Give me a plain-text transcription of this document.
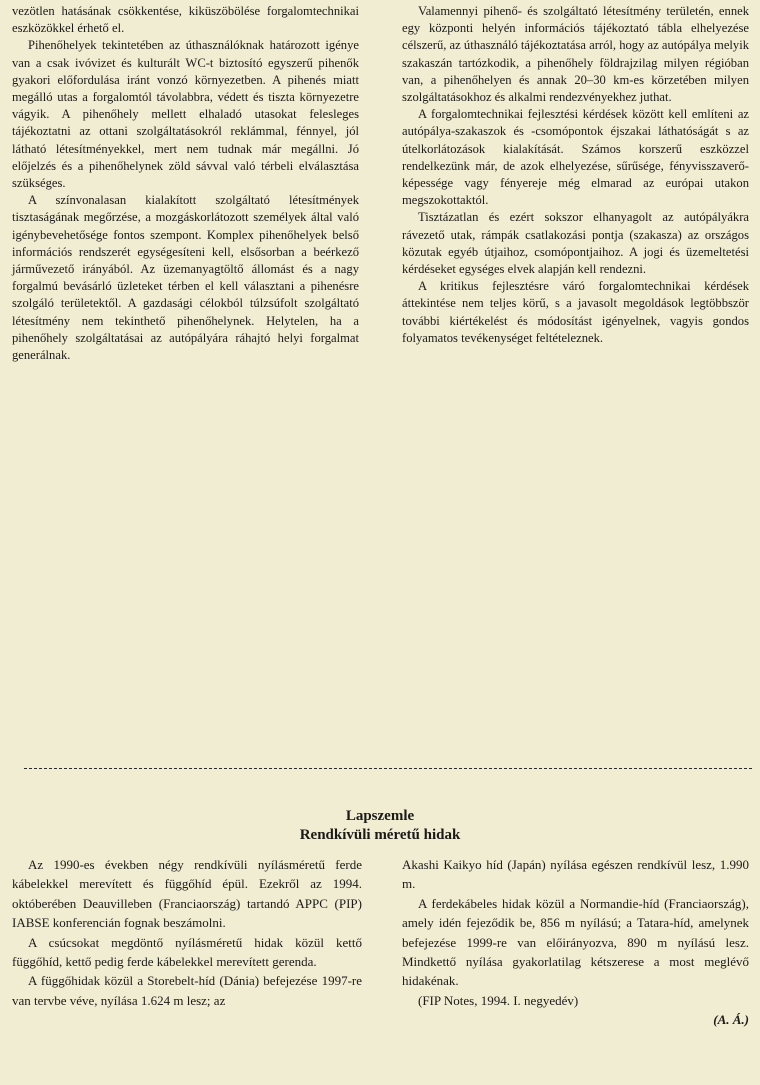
vezötlen hatásának csökkentése, kiküszöbölése forgalomtechnikai eszközökkel érhető el.

Pihenőhelyek tekintetében az úthasználóknak határozott igénye van a csak ivóvizet és kulturált WC-t biztosító egyszerű pihenők gyakori előfordulása iránt vonzó környezetben. A pihenés miatt megálló utas a forgalomtól távolabbra, védett és tiszta környezetre vágyik. A pihenőhely mellett elhaladó utasokat felesleges tájékoztatni az ottani szolgáltatásokról reklámmal, fénnyel, jól látható létesítményekkel, mert nem tudnak már megállni. Jó előjelzés és a pihenőhelynek zöld sávval való térbeli elválasztása szükséges.

A színvonalasan kialakított szolgáltató létesítmények tisztaságának megőrzése, a mozgáskorlátozott személyek által való igénybevehetősége fontos szempont. Komplex pihenőhelyek belső információs rendszerét egységesíteni kell, elsősorban a beérkező járművezető irányából. Az üzemanyagtöltő állomást és a nagy forgalmú bevásárló üzleteket térben el kell választani a pihenésre szolgáló területektől. A gazdasági célokból túlzsúfolt szolgáltató létesítmény nem tekinthető pihenőhelynek. Helytelen, ha a pihenőhely szolgáltatásai az autópályára ráhajtó helyi forgalmat generálnak.

Valamennyi pihenő- és szolgáltató létesítmény területén, ennek egy központi helyén információs tájékoztató tábla elhelyezése célszerű, az úthasználó tájékoztatása arról, hogy az autópálya melyik szakaszán tartózkodik, a pihenőhely földrajzilag milyen régióban van, a pihenőhelyen és annak 20–30 km-es körzetében milyen szolgáltatásokhoz és alkalmi rendezvényekhez juthat.

A forgalomtechnikai fejlesztési kérdések között kell említeni az autópálya-szakaszok és -csomópontok éjszakai láthatóságát s az útelkorlátozások kialakítását. Számos korszerű eszközzel rendelkezünk már, de azok elhelyezése, sűrűsége, fényvisszaverő-képessége vagy fényereje még elmarad az európai utakon megszokottaktól.

Tisztázatlan és ezért sokszor elhanyagolt az autópályákra rávezető utak, rámpák csatlakozási pontja (szakasza) az országos közutak egyéb útjaihoz, csomópontjaihoz. A jogi és üzemeltetési kérdéseket egységes elvek alapján kell rendezni.

A kritikus fejlesztésre váró forgalomtechnikai kérdések áttekintése nem teljes körű, s a javasolt megoldások legtöbbször további kiértékelést és módosítást igényelnek, vagyis gondos folyamatos tevékenységet feltételeznek.

Lapszemle
Rendkívüli méretű hidak

Az 1990-es években négy rendkívüli nyílásméretű ferde kábelekkel merevített és függőhíd épül. Ezekről az 1994. októberében Deauvilleben (Franciaország) tartandó APPC (PIP) IABSE konferencián fognak beszámolni.

A csúcsokat megdöntő nyílásméretű hidak közül kettő függőhíd, kettő pedig ferde kábelekkel merevített gerenda.

A függőhidak közül a Storebelt-híd (Dánia) befejezése 1997-re van tervbe véve, nyílása 1.624 m lesz; az

Akashi Kaikyo híd (Japán) nyílása egészen rendkívül lesz, 1.990 m.

A ferdekábeles hidak közül a Normandie-híd (Franciaország), amely idén fejeződik be, 856 m nyílású; a Tatara-híd, amelynek befejezése 1999-re van előirányozva, 890 m nyílású lesz. Mindkettő nyílása gyakorlatilag kétszerese a most meglévő hidakénak.

(FIP Notes, 1994. I. negyedév)

(A. Á.)
